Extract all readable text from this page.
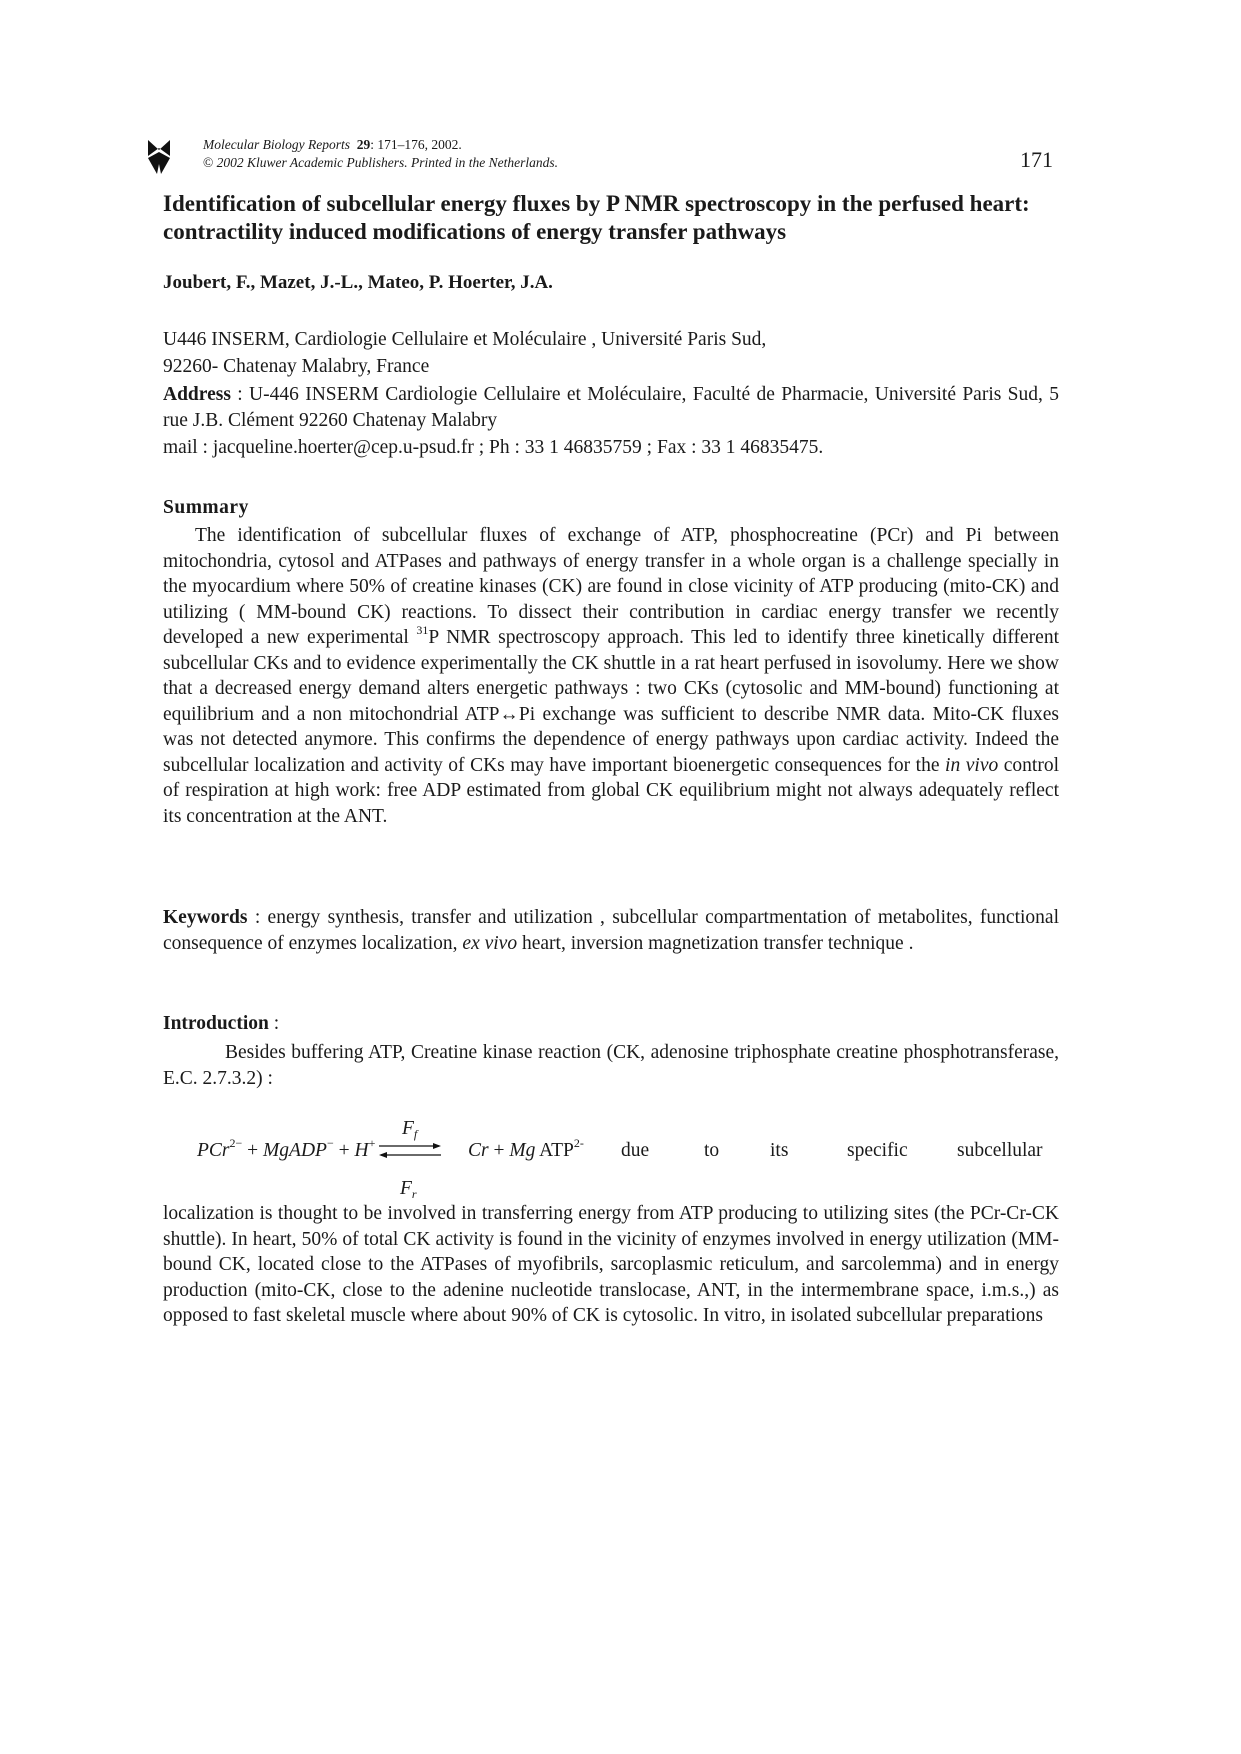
Molecular Biology Reports 29: 171–176, 2002.
© 2002 Kluwer Academic Publishers. Printed in the Netherlands.	171
Identification of subcellular energy fluxes by P NMR spectroscopy in the perfused heart: contractility induced modifications of energy transfer pathways
Joubert, F., Mazet, J.-L., Mateo, P. Hoerter, J.A.
U446 INSERM, Cardiologie Cellulaire et Moléculaire , Université Paris Sud,
92260- Chatenay Malabry, France
Address : U-446 INSERM Cardiologie Cellulaire et Moléculaire, Faculté de Pharmacie, Université Paris Sud, 5 rue J.B. Clément 92260 Chatenay Malabry
mail : jacqueline.hoerter@cep.u-psud.fr ; Ph : 33 1 46835759 ; Fax : 33 1 46835475.
Summary
The identification of subcellular fluxes of exchange of ATP, phosphocreatine (PCr) and Pi between mitochondria, cytosol and ATPases and pathways of energy transfer in a whole organ is a challenge specially in the myocardium where 50% of creatine kinases (CK) are found in close vicinity of ATP producing (mito-CK) and utilizing ( MM-bound CK) reactions. To dissect their contribution in cardiac energy transfer we recently developed a new experimental $^{31}$P NMR spectroscopy approach. This led to identify three kinetically different subcellular CKs and to evidence experimentally the CK shuttle in a rat heart perfused in isovolumy. Here we show that a decreased energy demand alters energetic pathways : two CKs (cytosolic and MM-bound) functioning at equilibrium and a non mitochondrial ATP↔Pi exchange was sufficient to describe NMR data. Mito-CK fluxes was not detected anymore. This confirms the dependence of energy pathways upon cardiac activity. Indeed the subcellular localization and activity of CKs may have important bioenergetic consequences for the in vivo control of respiration at high work: free ADP estimated from global CK equilibrium might not always adequately reflect its concentration at the ANT.
Keywords : energy synthesis, transfer and utilization , subcellular compartmentation of metabolites, functional consequence of enzymes localization, ex vivo heart, inversion magnetization transfer technique .
Introduction :
Besides buffering ATP, Creatine kinase reaction (CK, adenosine triphosphate creatine phosphotransferase, E.C. 2.7.3.2) :
PCr$^{2-}$ + MgADP− + H+
$F_f$
$F_r$
Cr + Mg $ATP^{2-}$ due	to	its	specific	subcellular
localization is thought to be involved in transferring energy from ATP producing to utilizing sites (the PCr-Cr-CK shuttle). In heart, 50% of total CK activity is found in the vicinity of enzymes involved in energy utilization (MM-bound CK, located close to the ATPases of myofibrils, sarcoplasmic reticulum, and sarcolemma) and in energy production (mito-CK, close to the adenine nucleotide translocase, ANT, in the intermembrane space, i.m.s.,) as opposed to fast skeletal muscle where about 90% of CK is cytosolic. In vitro, in isolated subcellular preparations
